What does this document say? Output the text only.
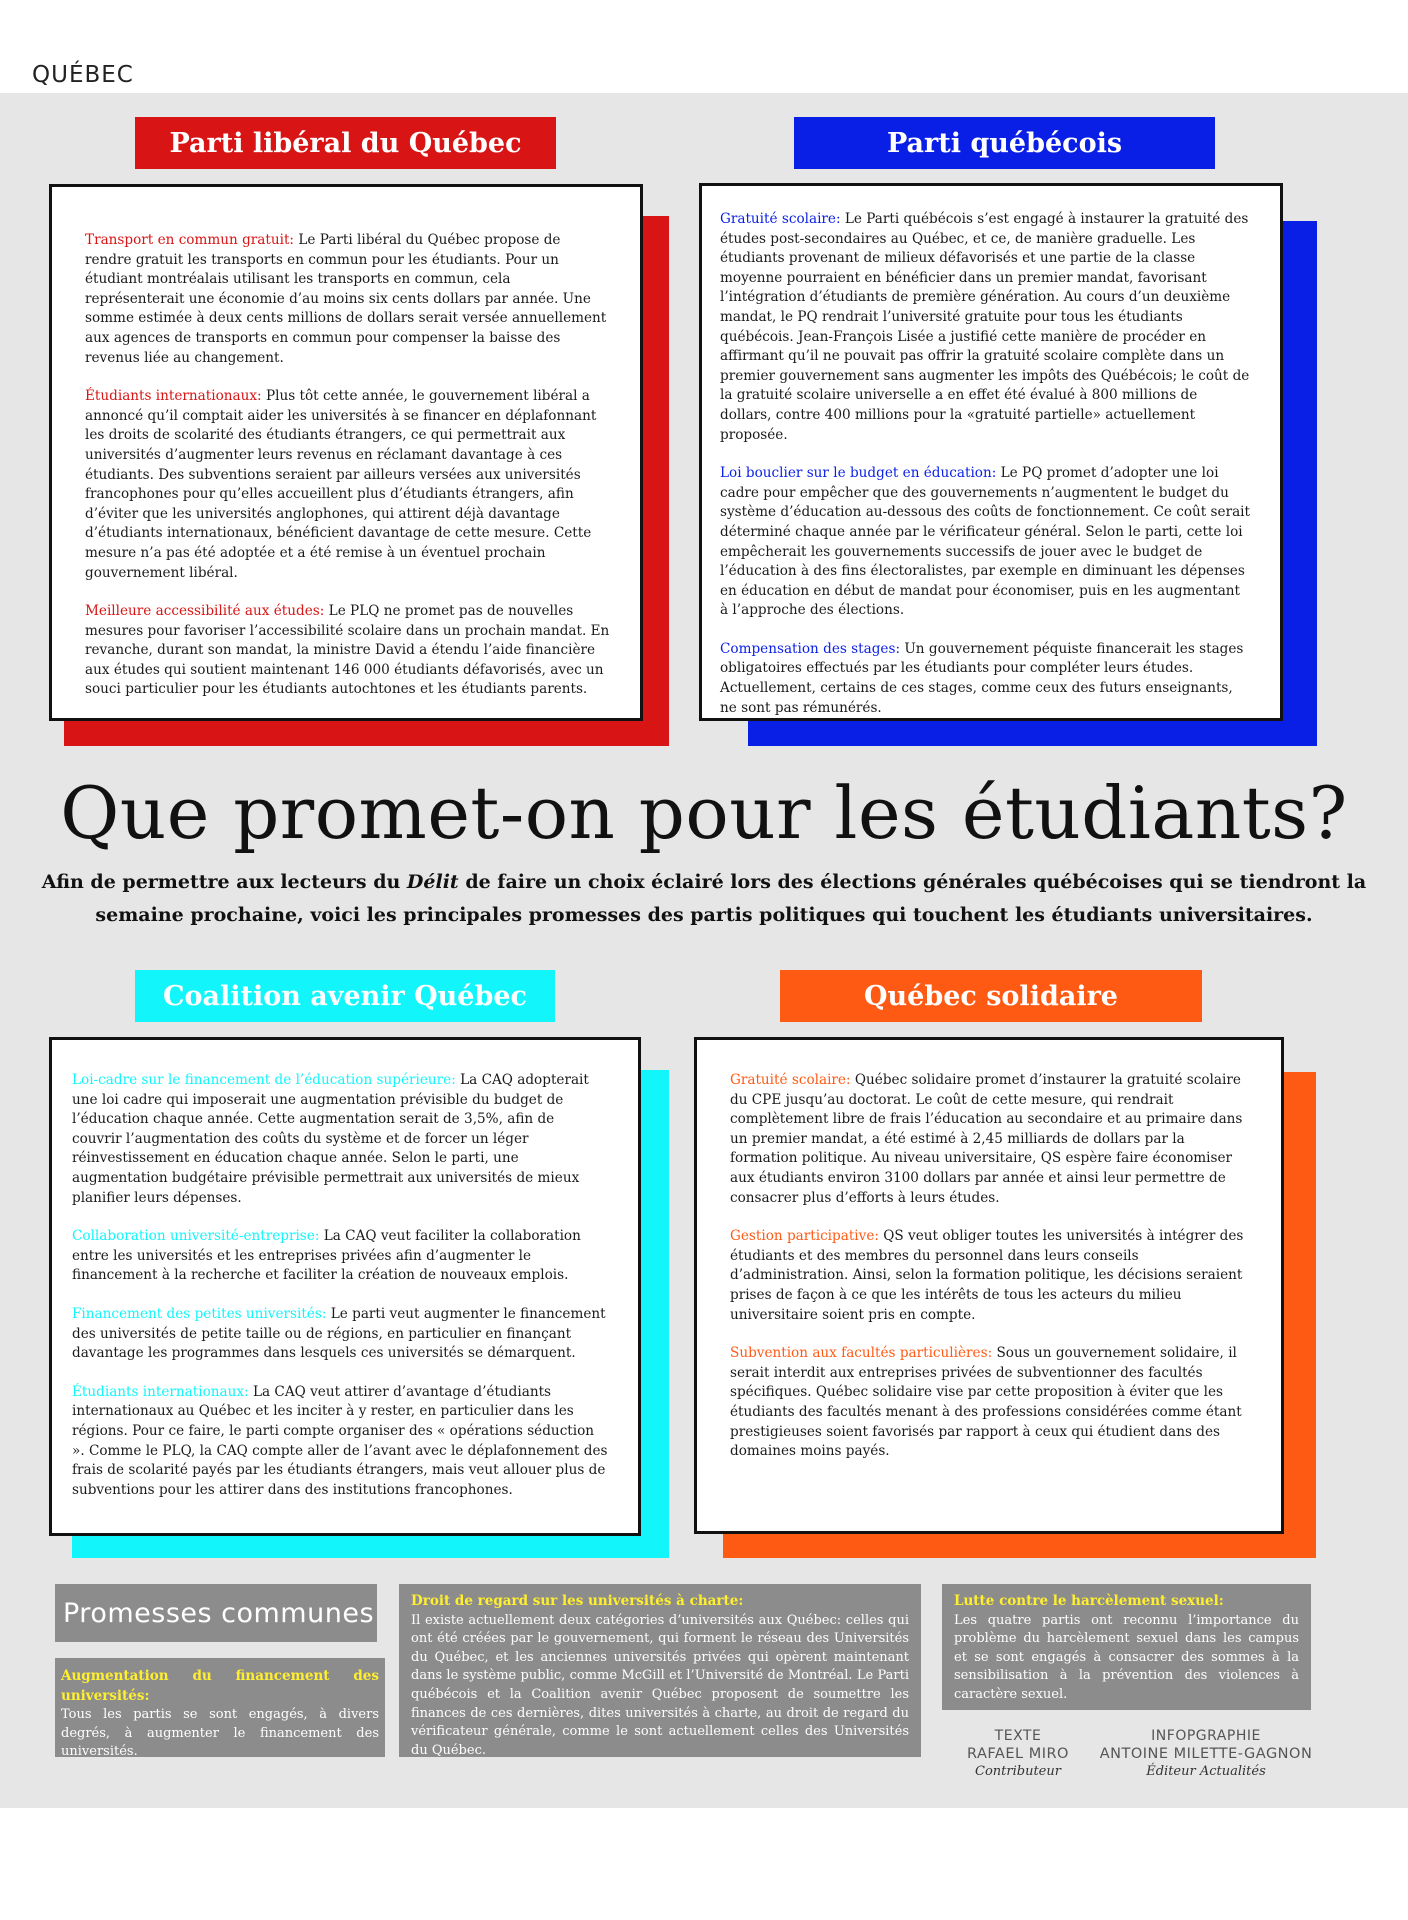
QUÉBEC
Parti libéral du Québec

Transport en commun gratuit: Le Parti libéral du Québec propose de rendre gratuit les transports en commun pour les étudiants. Pour un étudiant montréalais utilisant les transports en commun, cela représenterait une économie d’au moins six cents dollars par année. Une somme estimée à deux cents millions de dollars serait versée annuellement aux agences de transports en commun pour compenser la baisse des revenus liée au changement.

Étudiants internationaux: Plus tôt cette année, le gouvernement libéral a annoncé qu’il comptait aider les universités à se financer en déplafonnant les droits de scolarité des étudiants étrangers, ce qui permettrait aux universités d’augmenter leurs revenus en réclamant davantage à ces étudiants. Des subventions seraient par ailleurs versées aux universités francophones pour qu’elles accueillent plus d’étudiants étrangers, afin d’éviter que les universités anglophones, qui attirent déjà davantage d’étudiants internationaux, bénéficient davantage de cette mesure. Cette mesure n’a pas été adoptée et a été remise à un éventuel prochain gouvernement libéral.

Meilleure accessibilité aux études: Le PLQ ne promet pas de nouvelles mesures pour favoriser l’accessibilité scolaire dans un prochain mandat. En revanche, durant son mandat, la ministre David a étendu l’aide financière aux études qui soutient maintenant 146 000 étudiants défavorisés, avec un souci particulier pour les étudiants autochtones et les étudiants parents.

Parti québécois

Gratuité scolaire: Le Parti québécois s’est engagé à instaurer la gratuité des études post-secondaires au Québec, et ce, de manière graduelle. Les étudiants provenant de milieux défavorisés et une partie de la classe moyenne pourraient en bénéficier dans un premier mandat, favorisant l’intégration d’étudiants de première génération. Au cours d’un deuxième mandat, le PQ rendrait l’université gratuite pour tous les étudiants québécois. Jean-François Lisée a justifié cette manière de procéder en affirmant qu’il ne pouvait pas offrir la gratuité scolaire complète dans un premier gouvernement sans augmenter les impôts des Québécois; le coût de la gratuité scolaire universelle a en effet été évalué à 800 millions de dollars, contre 400 millions pour la «gratuité partielle» actuellement proposée.

Loi bouclier sur le budget en éducation: Le PQ promet d’adopter une loi cadre pour empêcher que des gouvernements n’augmentent le budget du système d’éducation au-dessous des coûts de fonctionnement. Ce coût serait déterminé chaque année par le vérificateur général. Selon le parti, cette loi empêcherait les gouvernements successifs de jouer avec le budget de l’éducation à des fins électoralistes, par exemple en diminuant les dépenses en éducation en début de mandat pour économiser, puis en les augmentant à l’approche des élections.

Compensation des stages: Un gouvernement péquiste financerait les stages obligatoires effectués par les étudiants pour compléter leurs études. Actuellement, certains de ces stages, comme ceux des futurs enseignants, ne sont pas rémunérés.

Que promet-on pour les étudiants?
Afin de permettre aux lecteurs du Délit de faire un choix éclairé lors des élections générales québécoises qui se tiendront la semaine prochaine, voici les principales promesses des partis politiques qui touchent les étudiants universitaires.
Coalition avenir Québec

Loi-cadre sur le financement de l’éducation supérieure: La CAQ adopterait une loi cadre qui imposerait une augmentation prévisible du budget de l’éducation chaque année. Cette augmentation serait de 3,5%, afin de couvrir l’augmentation des coûts du système et de forcer un léger réinvestissement en éducation chaque année. Selon le parti, une augmentation budgétaire prévisible permettrait aux universités de mieux planifier leurs dépenses.

Collaboration université-entreprise: La CAQ veut faciliter la collaboration entre les universités et les entreprises privées afin d’augmenter le financement à la recherche et faciliter la création de nouveaux emplois.

Financement des petites universités: Le parti veut augmenter le financement des universités de petite taille ou de régions, en particulier en finançant davantage les programmes dans lesquels ces universités se démarquent.

Étudiants internationaux: La CAQ veut attirer d’avantage d’étudiants internationaux au Québec et les inciter à y rester, en particulier dans les régions. Pour ce faire, le parti compte organiser des « opérations séduction ». Comme le PLQ, la CAQ compte aller de l’avant avec le déplafonnement des frais de scolarité payés par les étudiants étrangers, mais veut allouer plus de subventions pour les attirer dans des institutions francophones.

Québec solidaire

Gratuité scolaire: Québec solidaire promet d’instaurer la gratuité scolaire du CPE jusqu’au doctorat. Le coût de cette mesure, qui rendrait complètement libre de frais l’éducation au secondaire et au primaire dans un premier mandat, a été estimé à 2,45 milliards de dollars par la formation politique. Au niveau universitaire, QS espère faire économiser aux étudiants environ 3100 dollars par année et ainsi leur permettre de consacrer plus d’efforts à leurs études.

Gestion participative: QS veut obliger toutes les universités à intégrer des étudiants et des membres du personnel dans leurs conseils d’administration. Ainsi, selon la formation politique, les décisions seraient prises de façon à ce que les intérêts de tous les acteurs du milieu universitaire soient pris en compte.

Subvention aux facultés particulières: Sous un gouvernement solidaire, il serait interdit aux entreprises privées de subventionner des facultés spécifiques. Québec solidaire vise par cette proposition à éviter que les étudiants des facultés menant à des professions considérées comme étant prestigieuses soient favorisés par rapport à ceux qui étudient dans des domaines moins payés.

Promesses communes

Augmentation du financement des universités:
Tous les partis se sont engagés, à divers degrés, à augmenter le financement des universités.

Droit de regard sur les universités à charte:
Il existe actuellement deux catégories d’universités aux Québec: celles qui ont été créées par le gouvernement, qui forment le réseau des Universités du Québec, et les anciennes universités privées qui opèrent maintenant dans le système public, comme McGill et l’Université de Montréal. Le Parti québécois et la Coalition avenir Québec proposent de soumettre les finances de ces dernières, dites universités à charte, au droit de regard du vérificateur générale, comme le sont actuellement celles des Universités du Québec.

Lutte contre le harcèlement sexuel:
Les quatre partis ont reconnu l’importance du problème du harcèlement sexuel dans les campus et se sont engagés à consacrer des sommes à la sensibilisation à la prévention des violences à caractère sexuel.

TEXTE
RAFAEL MIRO
Contributeur
INFOPGRAPHIE
ANTOINE MILETTE-GAGNON
Éditeur Actualités
